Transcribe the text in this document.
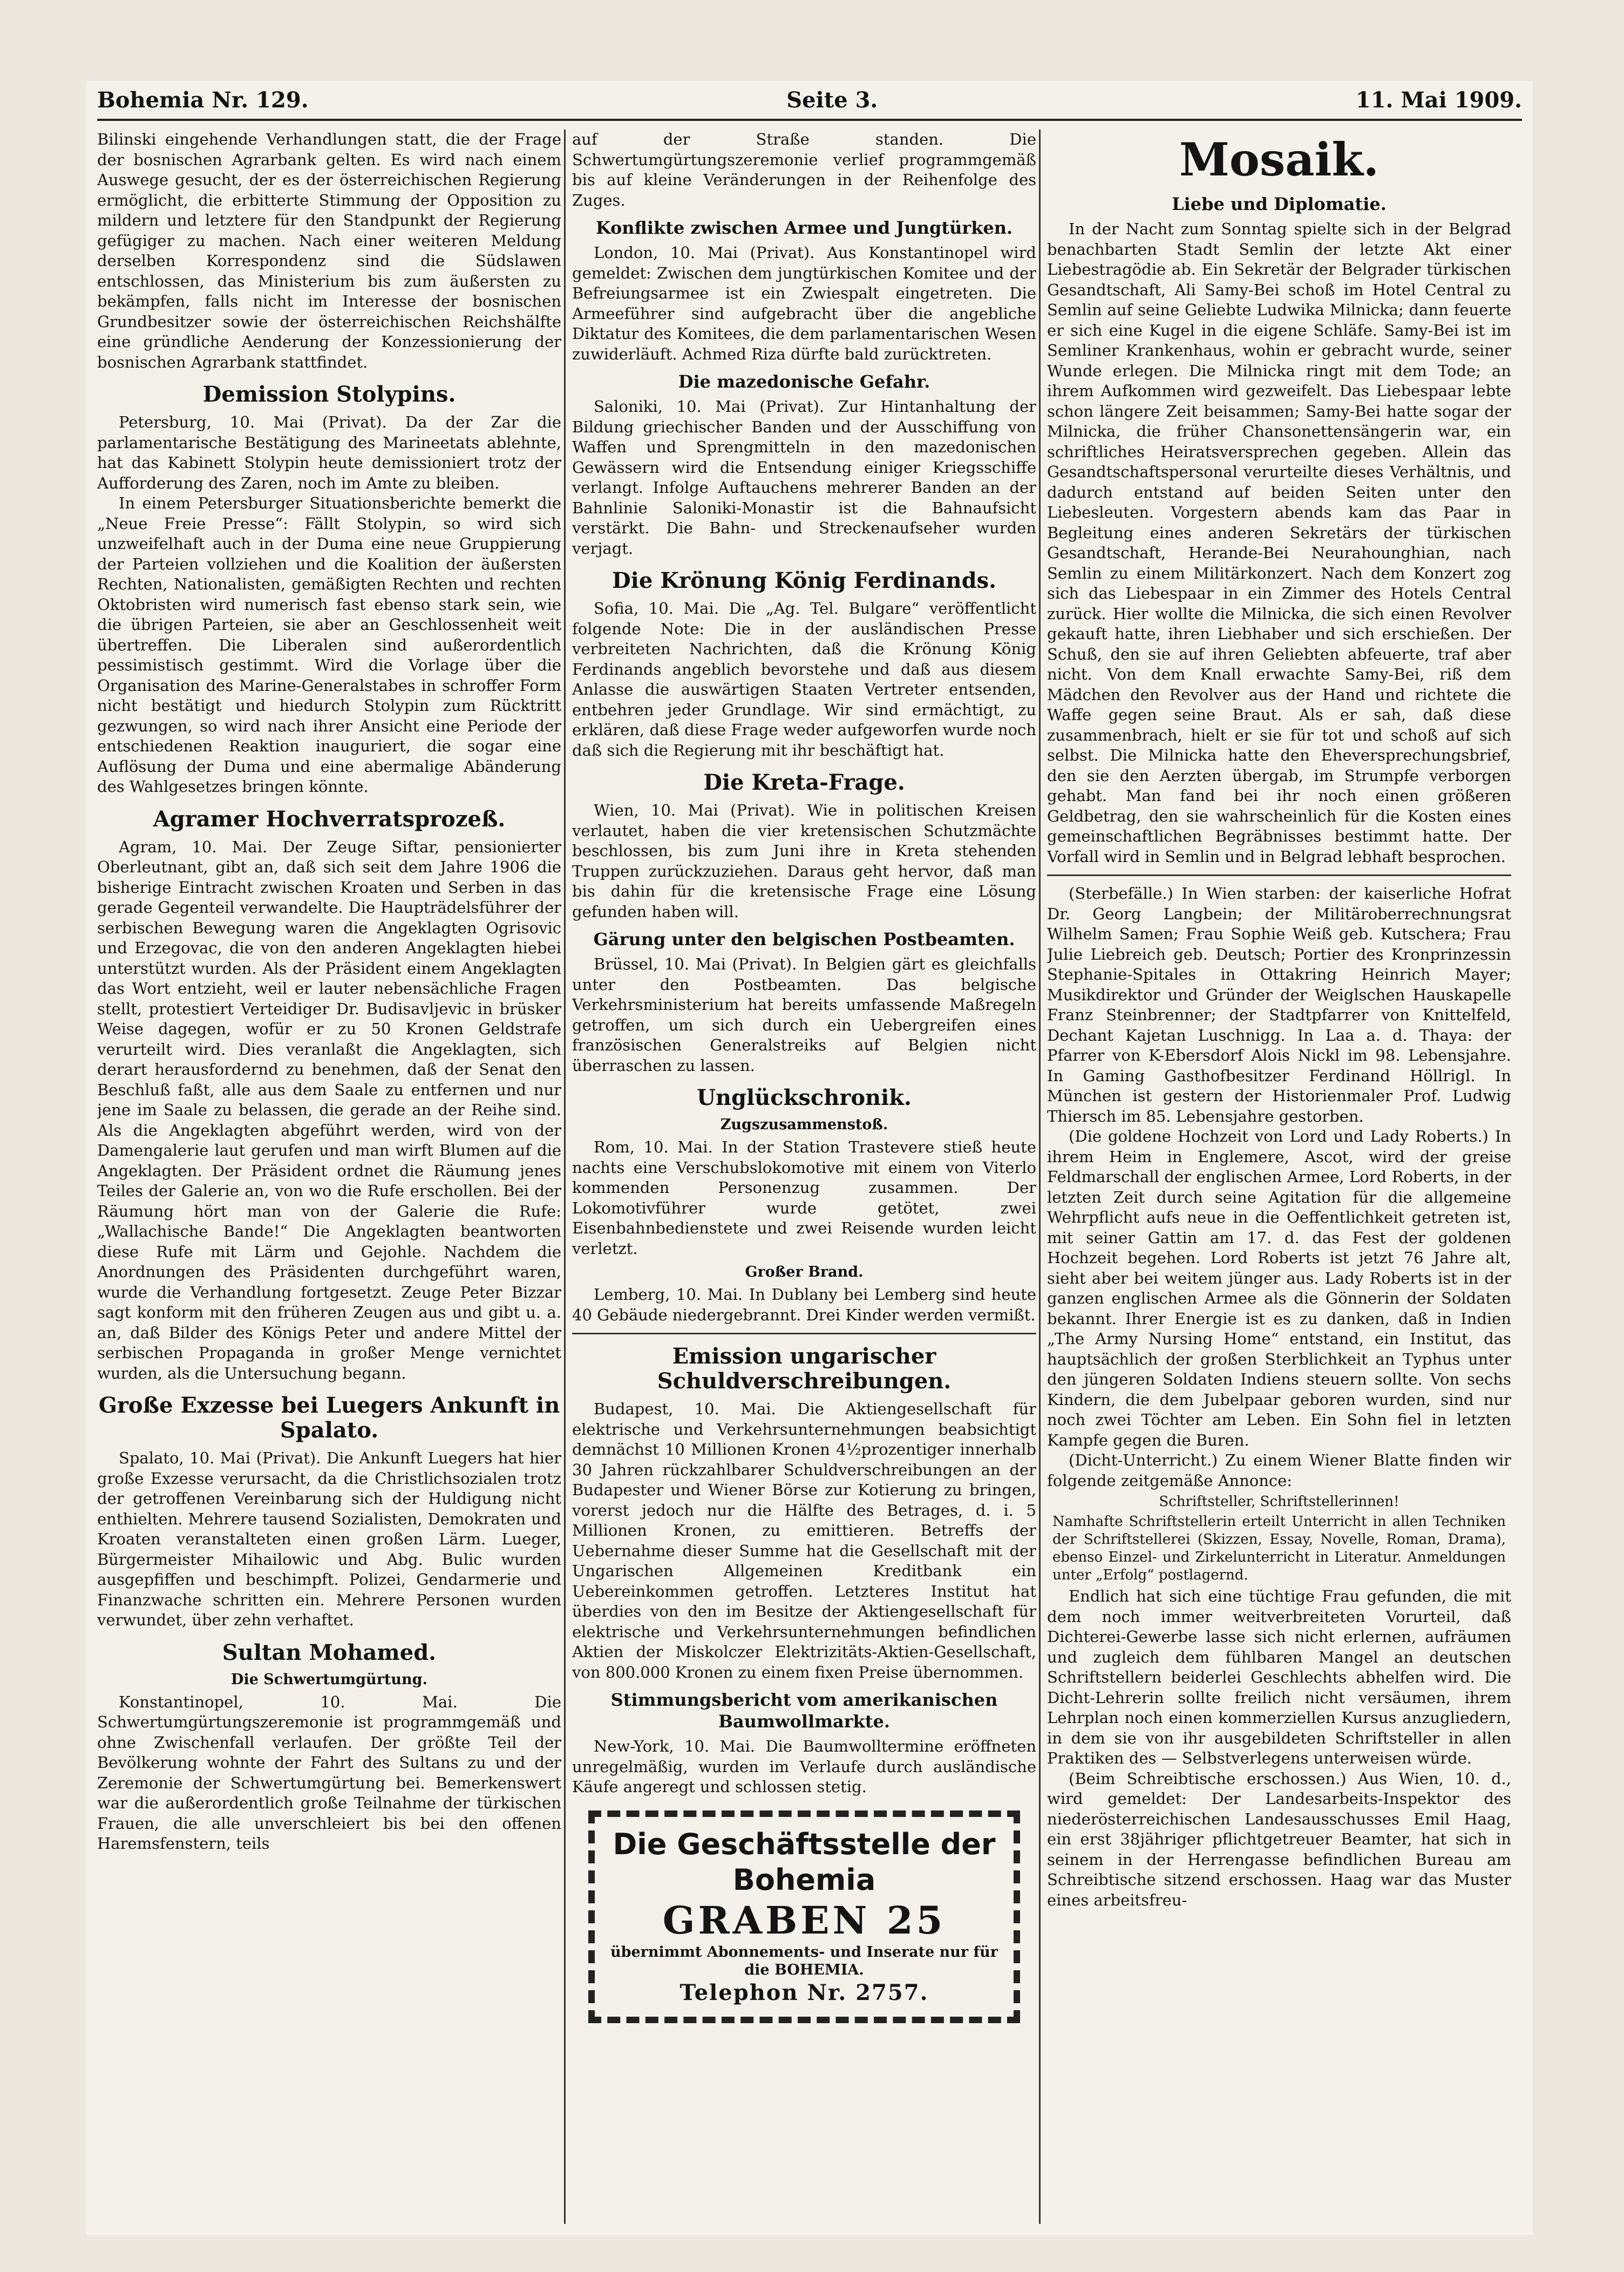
Bohemia Nr. 129.	Seite 3.	11. Mai 1909.

Bilinski eingehende Verhandlungen statt, die der Frage der bosnischen Agrarbank gelten. Es wird nach einem Auswege gesucht, der es der österreichischen Regierung ermöglicht, die erbitterte Stimmung der Opposition zu mildern und letztere für den Standpunkt der Regierung gefügiger zu machen. Nach einer weiteren Meldung derselben Korrespondenz sind die Südslawen entschlossen, das Ministerium bis zum äußersten zu bekämpfen, falls nicht im Interesse der bosnischen Grundbesitzer sowie der österreichischen Reichshälfte eine gründliche Aenderung der Konzessionierung der bosnischen Agrarbank stattfindet.

Demission Stolypins.

Petersburg, 10. Mai (Privat). Da der Zar die parlamentarische Bestätigung des Marineetats ablehnte, hat das Kabinett Stolypin heute demissioniert trotz der Aufforderung des Zaren, noch im Amte zu bleiben.

In einem Petersburger Situationsberichte bemerkt die „Neue Freie Presse“: Fällt Stolypin, so wird sich unzweifelhaft auch in der Duma eine neue Gruppierung der Parteien vollziehen und die Koalition der äußersten Rechten, Nationalisten, gemäßigten Rechten und rechten Oktobristen wird numerisch fast ebenso stark sein, wie die übrigen Parteien, sie aber an Geschlossenheit weit übertreffen. Die Liberalen sind außerordentlich pessimistisch gestimmt. Wird die Vorlage über die Organisation des Marine-Generalstabes in schroffer Form nicht bestätigt und hiedurch Stolypin zum Rücktritt gezwungen, so wird nach ihrer Ansicht eine Periode der entschiedenen Reaktion inauguriert, die sogar eine Auflösung der Duma und eine abermalige Abänderung des Wahlgesetzes bringen könnte.

Agramer Hochverratsprozeß.

Agram, 10. Mai. Der Zeuge Siftar, pensionierter Oberleutnant, gibt an, daß sich seit dem Jahre 1906 die bisherige Eintracht zwischen Kroaten und Serben in das gerade Gegenteil verwandelte. Die Haupträdelsführer der serbischen Bewegung waren die Angeklagten Ogrisovic und Erzegovac, die von den anderen Angeklagten hiebei unterstützt wurden. Als der Präsident einem Angeklagten das Wort entzieht, weil er lauter nebensächliche Fragen stellt, protestiert Verteidiger Dr. Budisavljevic in brüsker Weise dagegen, wofür er zu 50 Kronen Geldstrafe verurteilt wird. Dies veranlaßt die Angeklagten, sich derart herausfordernd zu benehmen, daß der Senat den Beschluß faßt, alle aus dem Saale zu entfernen und nur jene im Saale zu belassen, die gerade an der Reihe sind. Als die Angeklagten abgeführt werden, wird von der Damengalerie laut gerufen und man wirft Blumen auf die Angeklagten. Der Präsident ordnet die Räumung jenes Teiles der Galerie an, von wo die Rufe erschollen. Bei der Räumung hört man von der Galerie die Rufe: „Wallachische Bande!“ Die Angeklagten beantworten diese Rufe mit Lärm und Gejohle. Nachdem die Anordnungen des Präsidenten durchgeführt waren, wurde die Verhandlung fortgesetzt. Zeuge Peter Bizzar sagt konform mit den früheren Zeugen aus und gibt u. a. an, daß Bilder des Königs Peter und andere Mittel der serbischen Propaganda in großer Menge vernichtet wurden, als die Untersuchung begann.

Große Exzesse bei Luegers Ankunft in Spalato.

Spalato, 10. Mai (Privat). Die Ankunft Luegers hat hier große Exzesse verursacht, da die Christlichsozialen trotz der getroffenen Vereinbarung sich der Huldigung nicht enthielten. Mehrere tausend Sozialisten, Demokraten und Kroaten veranstalteten einen großen Lärm. Lueger, Bürgermeister Mihailowic und Abg. Bulic wurden ausgepfiffen und beschimpft. Polizei, Gendarmerie und Finanzwache schritten ein. Mehrere Personen wurden verwundet, über zehn verhaftet.

Sultan Mohamed.
Die Schwertumgürtung.

Konstantinopel, 10. Mai. Die Schwertumgürtungszeremonie ist programmgemäß und ohne Zwischenfall verlaufen. Der größte Teil der Bevölkerung wohnte der Fahrt des Sultans zu und der Zeremonie der Schwertumgürtung bei. Bemerkenswert war die außerordentlich große Teilnahme der türkischen Frauen, die alle unverschleiert bis bei den offenen Haremsfenstern, teils

auf der Straße standen. Die Schwertumgürtungszeremonie verlief programmgemäß bis auf kleine Veränderungen in der Reihenfolge des Zuges.

Konflikte zwischen Armee und Jungtürken.

London, 10. Mai (Privat). Aus Konstantinopel wird gemeldet: Zwischen dem jungtürkischen Komitee und der Befreiungsarmee ist ein Zwiespalt eingetreten. Die Armeeführer sind aufgebracht über die angebliche Diktatur des Komitees, die dem parlamentarischen Wesen zuwiderläuft. Achmed Riza dürfte bald zurücktreten.

Die mazedonische Gefahr.

Saloniki, 10. Mai (Privat). Zur Hintanhaltung der Bildung griechischer Banden und der Ausschiffung von Waffen und Sprengmitteln in den mazedonischen Gewässern wird die Entsendung einiger Kriegsschiffe verlangt. Infolge Auftauchens mehrerer Banden an der Bahnlinie Saloniki-Monastir ist die Bahnaufsicht verstärkt. Die Bahn- und Streckenaufseher wurden verjagt.

Die Krönung König Ferdinands.

Sofia, 10. Mai. Die „Ag. Tel. Bulgare“ veröffentlicht folgende Note: Die in der ausländischen Presse verbreiteten Nachrichten, daß die Krönung König Ferdinands angeblich bevorstehe und daß aus diesem Anlasse die auswärtigen Staaten Vertreter entsenden, entbehren jeder Grundlage. Wir sind ermächtigt, zu erklären, daß diese Frage weder aufgeworfen wurde noch daß sich die Regierung mit ihr beschäftigt hat.

Die Kreta-Frage.

Wien, 10. Mai (Privat). Wie in politischen Kreisen verlautet, haben die vier kretensischen Schutzmächte beschlossen, bis zum Juni ihre in Kreta stehenden Truppen zurückzuziehen. Daraus geht hervor, daß man bis dahin für die kretensische Frage eine Lösung gefunden haben will.

Gärung unter den belgischen Postbeamten.

Brüssel, 10. Mai (Privat). In Belgien gärt es gleichfalls unter den Postbeamten. Das belgische Verkehrsministerium hat bereits umfassende Maßregeln getroffen, um sich durch ein Uebergreifen eines französischen Generalstreiks auf Belgien nicht überraschen zu lassen.

Unglückschronik.
Zugszusammenstoß.

Rom, 10. Mai. In der Station Trastevere stieß heute nachts eine Verschubslokomotive mit einem von Viterlo kommenden Personenzug zusammen. Der Lokomotivführer wurde getötet, zwei Eisenbahnbedienstete und zwei Reisende wurden leicht verletzt.

Großer Brand.

Lemberg, 10. Mai. In Dublany bei Lemberg sind heute 40 Gebäude niedergebrannt. Drei Kinder werden vermißt.

Emission ungarischer Schuldverschreibungen.

Budapest, 10. Mai. Die Aktiengesellschaft für elektrische und Verkehrsunternehmungen beabsichtigt demnächst 10 Millionen Kronen 4½prozentiger innerhalb 30 Jahren rückzahlbarer Schuldverschreibungen an der Budapester und Wiener Börse zur Kotierung zu bringen, vorerst jedoch nur die Hälfte des Betrages, d. i. 5 Millionen Kronen, zu emittieren. Betreffs der Uebernahme dieser Summe hat die Gesellschaft mit der Ungarischen Allgemeinen Kreditbank ein Uebereinkommen getroffen. Letzteres Institut hat überdies von den im Besitze der Aktiengesellschaft für elektrische und Verkehrsunternehmungen befindlichen Aktien der Miskolczer Elektrizitäts-Aktien-Gesellschaft, von 800.000 Kronen zu einem fixen Preise übernommen.

Stimmungsbericht vom amerikanischen Baumwollmarkte.

New-York, 10. Mai. Die Baumwolltermine eröffneten unregelmäßig, wurden im Verlaufe durch ausländische Käufe angeregt und schlossen stetig.

Die Geschäftsstelle der Bohemia
GRABEN 25
übernimmt Abonnements- und Inserate nur für die BOHEMIA.
Telephon Nr. 2757.
Mosaik.
Liebe und Diplomatie.

In der Nacht zum Sonntag spielte sich in der Belgrad benachbarten Stadt Semlin der letzte Akt einer Liebestragödie ab. Ein Sekretär der Belgrader türkischen Gesandtschaft, Ali Samy-Bei schoß im Hotel Central zu Semlin auf seine Geliebte Ludwika Milnicka; dann feuerte er sich eine Kugel in die eigene Schläfe. Samy-Bei ist im Semliner Krankenhaus, wohin er gebracht wurde, seiner Wunde erlegen. Die Milnicka ringt mit dem Tode; an ihrem Aufkommen wird gezweifelt. Das Liebespaar lebte schon längere Zeit beisammen; Samy-Bei hatte sogar der Milnicka, die früher Chansonettensängerin war, ein schriftliches Heiratsversprechen gegeben. Allein das Gesandtschaftspersonal verurteilte dieses Verhältnis, und dadurch entstand auf beiden Seiten unter den Liebesleuten. Vorgestern abends kam das Paar in Begleitung eines anderen Sekretärs der türkischen Gesandtschaft, Herande-Bei Neurahounghian, nach Semlin zu einem Militärkonzert. Nach dem Konzert zog sich das Liebespaar in ein Zimmer des Hotels Central zurück. Hier wollte die Milnicka, die sich einen Revolver gekauft hatte, ihren Liebhaber und sich erschießen. Der Schuß, den sie auf ihren Geliebten abfeuerte, traf aber nicht. Von dem Knall erwachte Samy-Bei, riß dem Mädchen den Revolver aus der Hand und richtete die Waffe gegen seine Braut. Als er sah, daß diese zusammenbrach, hielt er sie für tot und schoß auf sich selbst. Die Milnicka hatte den Eheversprechungsbrief, den sie den Aerzten übergab, im Strumpfe verborgen gehabt. Man fand bei ihr noch einen größeren Geldbetrag, den sie wahrscheinlich für die Kosten eines gemeinschaftlichen Begräbnisses bestimmt hatte. Der Vorfall wird in Semlin und in Belgrad lebhaft besprochen.

(Sterbefälle.) In Wien starben: der kaiserliche Hofrat Dr. Georg Langbein; der Militäroberrechnungsrat Wilhelm Samen; Frau Sophie Weiß geb. Kutschera; Frau Julie Liebreich geb. Deutsch; Portier des Kronprinzessin Stephanie-Spitales in Ottakring Heinrich Mayer; Musikdirektor und Gründer der Weiglschen Hauskapelle Franz Steinbrenner; der Stadtpfarrer von Knittelfeld, Dechant Kajetan Luschnigg. In Laa a. d. Thaya: der Pfarrer von K-Ebersdorf Alois Nickl im 98. Lebensjahre. In Gaming Gasthofbesitzer Ferdinand Höllrigl. In München ist gestern der Historienmaler Prof. Ludwig Thiersch im 85. Lebensjahre gestorben.

(Die goldene Hochzeit von Lord und Lady Roberts.) In ihrem Heim in Englemere, Ascot, wird der greise Feldmarschall der englischen Armee, Lord Roberts, in der letzten Zeit durch seine Agitation für die allgemeine Wehrpflicht aufs neue in die Oeffentlichkeit getreten ist, mit seiner Gattin am 17. d. das Fest der goldenen Hochzeit begehen. Lord Roberts ist jetzt 76 Jahre alt, sieht aber bei weitem jünger aus. Lady Roberts ist in der ganzen englischen Armee als die Gönnerin der Soldaten bekannt. Ihrer Energie ist es zu danken, daß in Indien „The Army Nursing Home“ entstand, ein Institut, das hauptsächlich der großen Sterblichkeit an Typhus unter den jüngeren Soldaten Indiens steuern sollte. Von sechs Kindern, die dem Jubelpaar geboren wurden, sind nur noch zwei Töchter am Leben. Ein Sohn fiel in letzten Kampfe gegen die Buren.

(Dicht-Unterricht.) Zu einem Wiener Blatte finden wir folgende zeitgemäße Annonce:

Schriftsteller, Schriftstellerinnen!

Namhafte Schriftstellerin erteilt Unterricht in allen Techniken der Schriftstellerei (Skizzen, Essay, Novelle, Roman, Drama), ebenso Einzel- und Zirkelunterricht in Literatur. Anmeldungen unter „Erfolg“ postlagernd.

Endlich hat sich eine tüchtige Frau gefunden, die mit dem noch immer weitverbreiteten Vorurteil, daß Dichterei-Gewerbe lasse sich nicht erlernen, aufräumen und zugleich dem fühlbaren Mangel an deutschen Schriftstellern beiderlei Geschlechts abhelfen wird. Die Dicht-Lehrerin sollte freilich nicht versäumen, ihrem Lehrplan noch einen kommerziellen Kursus anzugliedern, in dem sie von ihr ausgebildeten Schriftsteller in allen Praktiken des — Selbstverlegens unterweisen würde.

(Beim Schreibtische erschossen.) Aus Wien, 10. d., wird gemeldet: Der Landesarbeits-Inspektor des niederösterreichischen Landesausschusses Emil Haag, ein erst 38jähriger pflichtgetreuer Beamter, hat sich in seinem in der Herrengasse befindlichen Bureau am Schreibtische sitzend erschossen. Haag war das Muster eines arbeitsfreu-
